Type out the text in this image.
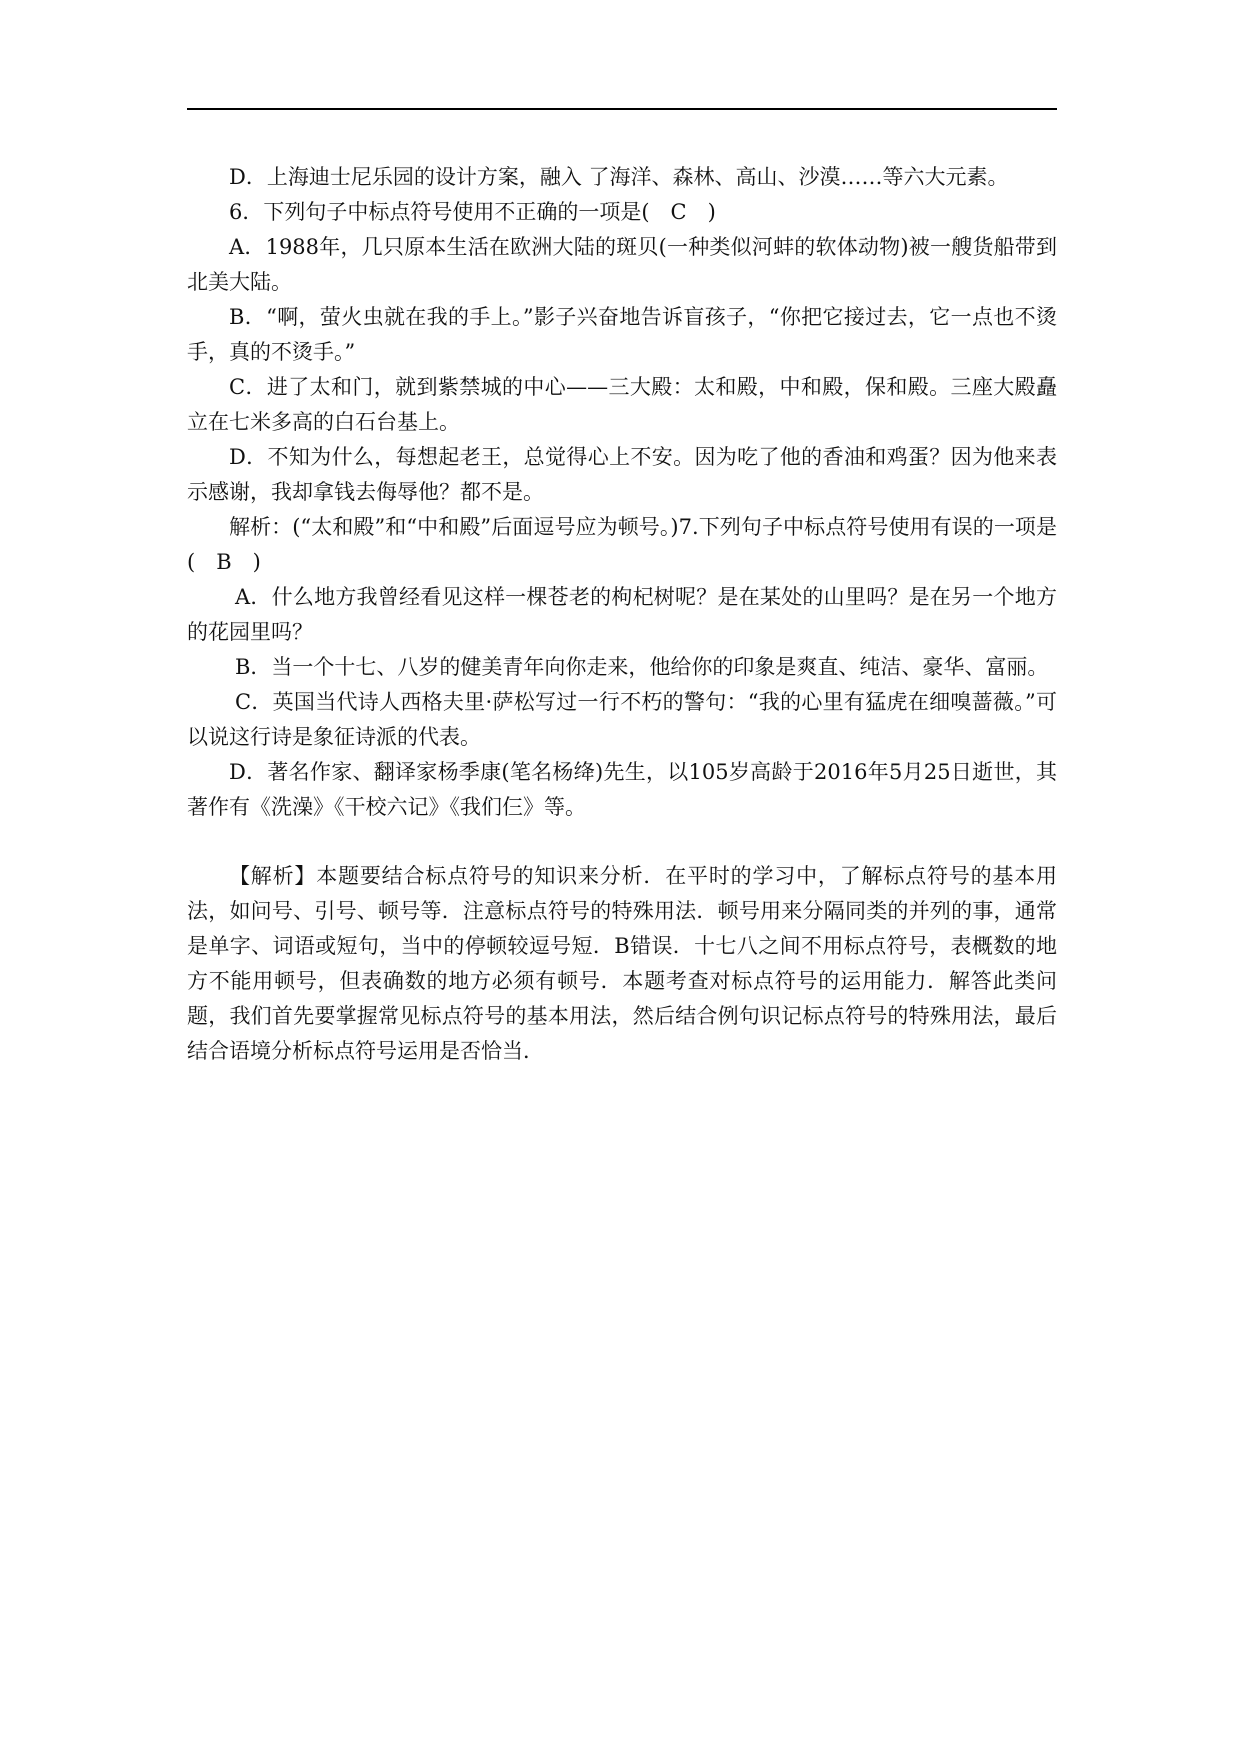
D．上海迪士尼乐园的设计方案，融入 了海洋、森林、高山、沙漠……等六大元素。

6．下列句子中标点符号使用不正确的一项是(　C　)

A．1988年，几只原本生活在欧洲大陆的斑贝(一种类似河蚌的软体动物)被一艘货船带到北美大陆。

B．“啊，萤火虫就在我的手上。”影子兴奋地告诉盲孩子，“你把它接过去，它一点也不烫手，真的不烫手。”

C．进了太和门，就到紫禁城的中心——三大殿：太和殿，中和殿，保和殿。三座大殿矗立在七米多高的白石台基上。

D．不知为什么，每想起老王，总觉得心上不安。因为吃了他的香油和鸡蛋？因为他来表示感谢，我却拿钱去侮辱他？都不是。

解析：(“太和殿”和“中和殿”后面逗号应为顿号。)7.下列句子中标点符号使用有误的一项是(　B　)

A．什么地方我曾经看见这样一棵苍老的枸杞树呢？是在某处的山里吗？是在另一个地方的花园里吗？

B．当一个十七、八岁的健美青年向你走来，他给你的印象是爽直、纯洁、豪华、富丽。

C．英国当代诗人西格夫里·萨松写过一行不朽的警句：“我的心里有猛虎在细嗅蔷薇。”可以说这行诗是象征诗派的代表。

D．著名作家、翻译家杨季康(笔名杨绛)先生，以105岁高龄于2016年5月25日逝世，其著作有《洗澡》《干校六记》《我们仨》等。

【解析】本题要结合标点符号的知识来分析．在平时的学习中，了解标点符号的基本用法，如问号、引号、顿号等．注意标点符号的特殊用法．顿号用来分隔同类的并列的事，通常是单字、词语或短句，当中的停顿较逗号短．B错误．十七八之间不用标点符号，表概数的地方不能用顿号，但表确数的地方必须有顿号．本题考查对标点符号的运用能力．解答此类问题，我们首先要掌握常见标点符号的基本用法，然后结合例句识记标点符号的特殊用法，最后结合语境分析标点符号运用是否恰当．
